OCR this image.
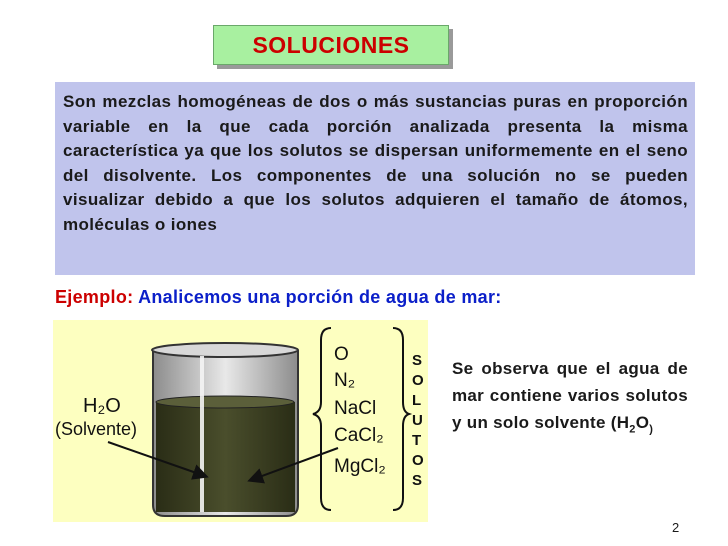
SOLUCIONES
Son mezclas homogéneas de dos o más sustancias puras en proporción variable en la que cada porción analizada presenta la misma característica ya que los solutos se dispersan uniformemente en el seno del disolvente. Los componentes de una solución no se pueden visualizar debido a que los solutos adquieren el tamaño de átomos, moléculas o iones
Ejemplo: Analicemos una porción de agua de mar:
H₂O
(Solvente)
O
N₂
NaCl
CaCl₂
MgCl₂
S
O
L
U
T
O
S
Se observa que el agua de mar contiene varios solutos y un solo solvente ($H_2O_)$
2
